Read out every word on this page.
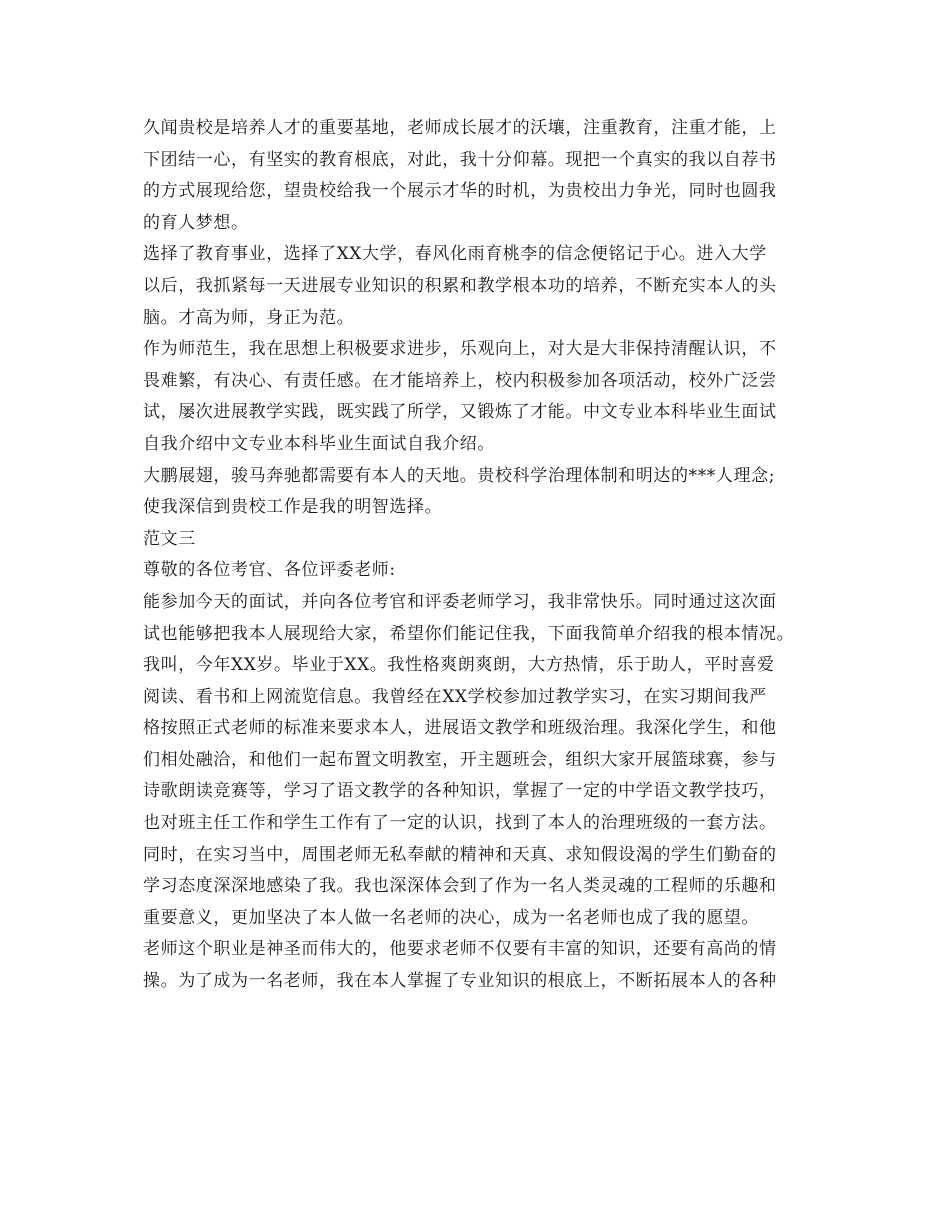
久闻贵校是培养人才的重要基地，老师成长展才的沃壤，注重教育，注重才能，上
下团结一心，有坚实的教育根底，对此，我十分仰幕。现把一个真实的我以自荐书
的方式展现给您，望贵校给我一个展示才华的时机，为贵校出力争光，同时也圆我
的育人梦想。
选择了教育事业，选择了XX大学，春风化雨育桃李的信念便铭记于心。进入大学
以后，我抓紧每一天进展专业知识的积累和教学根本功的培养，不断充实本人的头
脑。才高为师，身正为范。
作为师范生，我在思想上积极要求进步，乐观向上，对大是大非保持清醒认识，不
畏难繁，有决心、有责任感。在才能培养上，校内积极参加各项活动，校外广泛尝
试，屡次进展教学实践，既实践了所学，又锻炼了才能。中文专业本科毕业生面试
自我介绍中文专业本科毕业生面试自我介绍。
大鹏展翅，骏马奔驰都需要有本人的天地。贵校科学治理体制和明达的***人理念;
使我深信到贵校工作是我的明智选择。
范文三
尊敬的各位考官、各位评委老师:
能参加今天的面试，并向各位考官和评委老师学习，我非常快乐。同时通过这次面
试也能够把我本人展现给大家，希望你们能记住我，下面我简单介绍我的根本情况。
我叫，今年XX岁。毕业于XX。我性格爽朗爽朗，大方热情，乐于助人，平时喜爱
阅读、看书和上网流览信息。我曾经在XX学校参加过教学实习，在实习期间我严
格按照正式老师的标准来要求本人，进展语文教学和班级治理。我深化学生，和他
们相处融洽，和他们一起布置文明教室，开主题班会，组织大家开展篮球赛，参与
诗歌朗读竞赛等，学习了语文教学的各种知识，掌握了一定的中学语文教学技巧，
也对班主任工作和学生工作有了一定的认识，找到了本人的治理班级的一套方法。
同时，在实习当中，周围老师无私奉献的精神和天真、求知假设渴的学生们勤奋的
学习态度深深地感染了我。我也深深体会到了作为一名人类灵魂的工程师的乐趣和
重要意义，更加坚决了本人做一名老师的决心，成为一名老师也成了我的愿望。
老师这个职业是神圣而伟大的，他要求老师不仅要有丰富的知识，还要有高尚的情
操。为了成为一名老师，我在本人掌握了专业知识的根底上，不断拓展本人的各种
